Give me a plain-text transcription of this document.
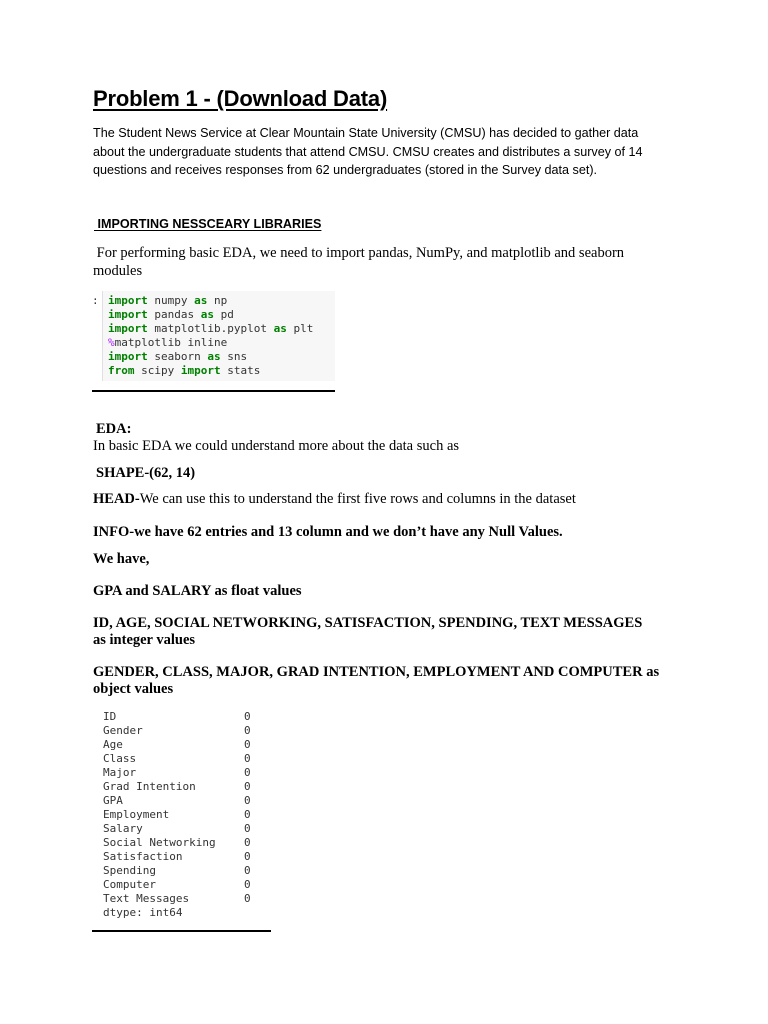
Problem 1 - (Download Data)
The Student News Service at Clear Mountain State University (CMSU) has decided to gather data
about the undergraduate students that attend CMSU. CMSU creates and distributes a survey of 14
questions and receives responses from 62 undergraduates (stored in the Survey data set).
IMPORTING NESSCEARY LIBRARIES
For performing basic EDA, we need to import pandas, NumPy, and matplotlib and seaborn
modules
: import numpy as np
import pandas as pd
import matplotlib.pyplot as plt
%matplotlib inline
import seaborn as sns
from scipy import stats

EDA:

In basic EDA we could understand more about the data such as

SHAPE-(62, 14)

HEAD-We can use this to understand the first five rows and columns in the dataset

INFO-we have 62 entries and 13 column and we don’t have any Null Values.

We have,

GPA and SALARY as float values

ID, AGE, SOCIAL NETWORKING, SATISFACTION, SPENDING, TEXT MESSAGES
as integer values
GENDER, CLASS, MAJOR, GRAD INTENTION, EMPLOYMENT AND COMPUTER as
object values
ID	0
Gender	0
Age	0
Class	0
Major	0
Grad Intention	0
GPA	0
Employment	0
Salary	0
Social Networking	0
Satisfaction	0
Spending	0
Computer	0
Text Messages	0
dtype: int64
